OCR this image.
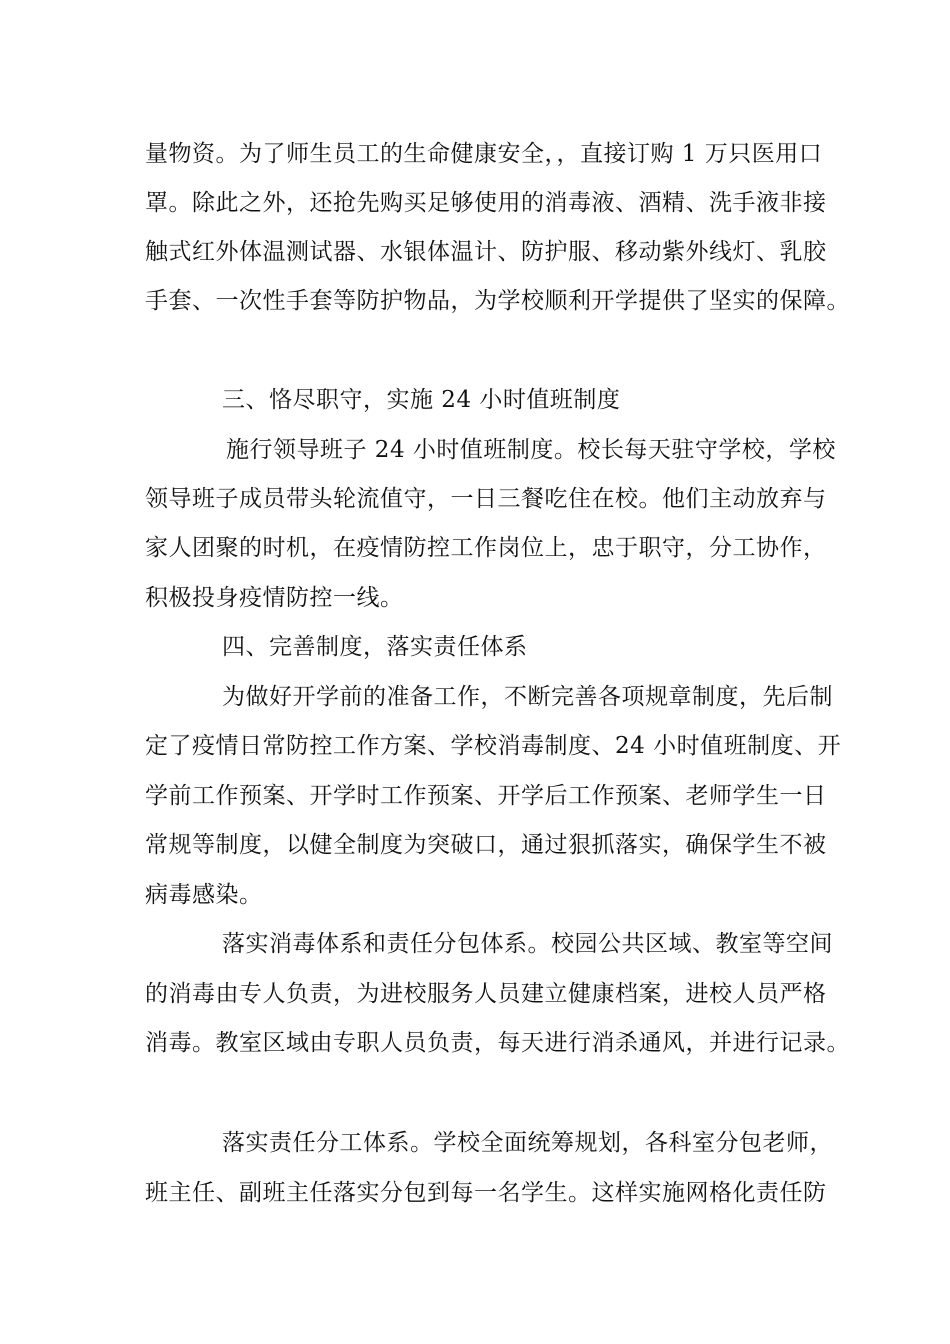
量物资。为了师生员工的生命健康安全，，直接订购 1 万只医用口
罩。除此之外，还抢先购买足够使用的消毒液、酒精、洗手液非接
触式红外体温测试器、水银体温计、防护服、移动紫外线灯、乳胶
手套、一次性手套等防护物品，为学校顺利开学提供了坚实的保障。
三、恪尽职守，实施 24 小时值班制度
施行领导班子 24 小时值班制度。校长每天驻守学校，学校
领导班子成员带头轮流值守，一日三餐吃住在校。他们主动放弃与
家人团聚的时机，在疫情防控工作岗位上，忠于职守，分工协作，
积极投身疫情防控一线。
四、完善制度，落实责任体系
为做好开学前的准备工作，不断完善各项规章制度，先后制
定了疫情日常防控工作方案、学校消毒制度、24 小时值班制度、开
学前工作预案、开学时工作预案、开学后工作预案、老师学生一日
常规等制度，以健全制度为突破口，通过狠抓落实，确保学生不被
病毒感染。
落实消毒体系和责任分包体系。校园公共区域、教室等空间
的消毒由专人负责，为进校服务人员建立健康档案，进校人员严格
消毒。教室区域由专职人员负责，每天进行消杀通风，并进行记录。
落实责任分工体系。学校全面统筹规划，各科室分包老师，
班主任、副班主任落实分包到每一名学生。这样实施网格化责任防
